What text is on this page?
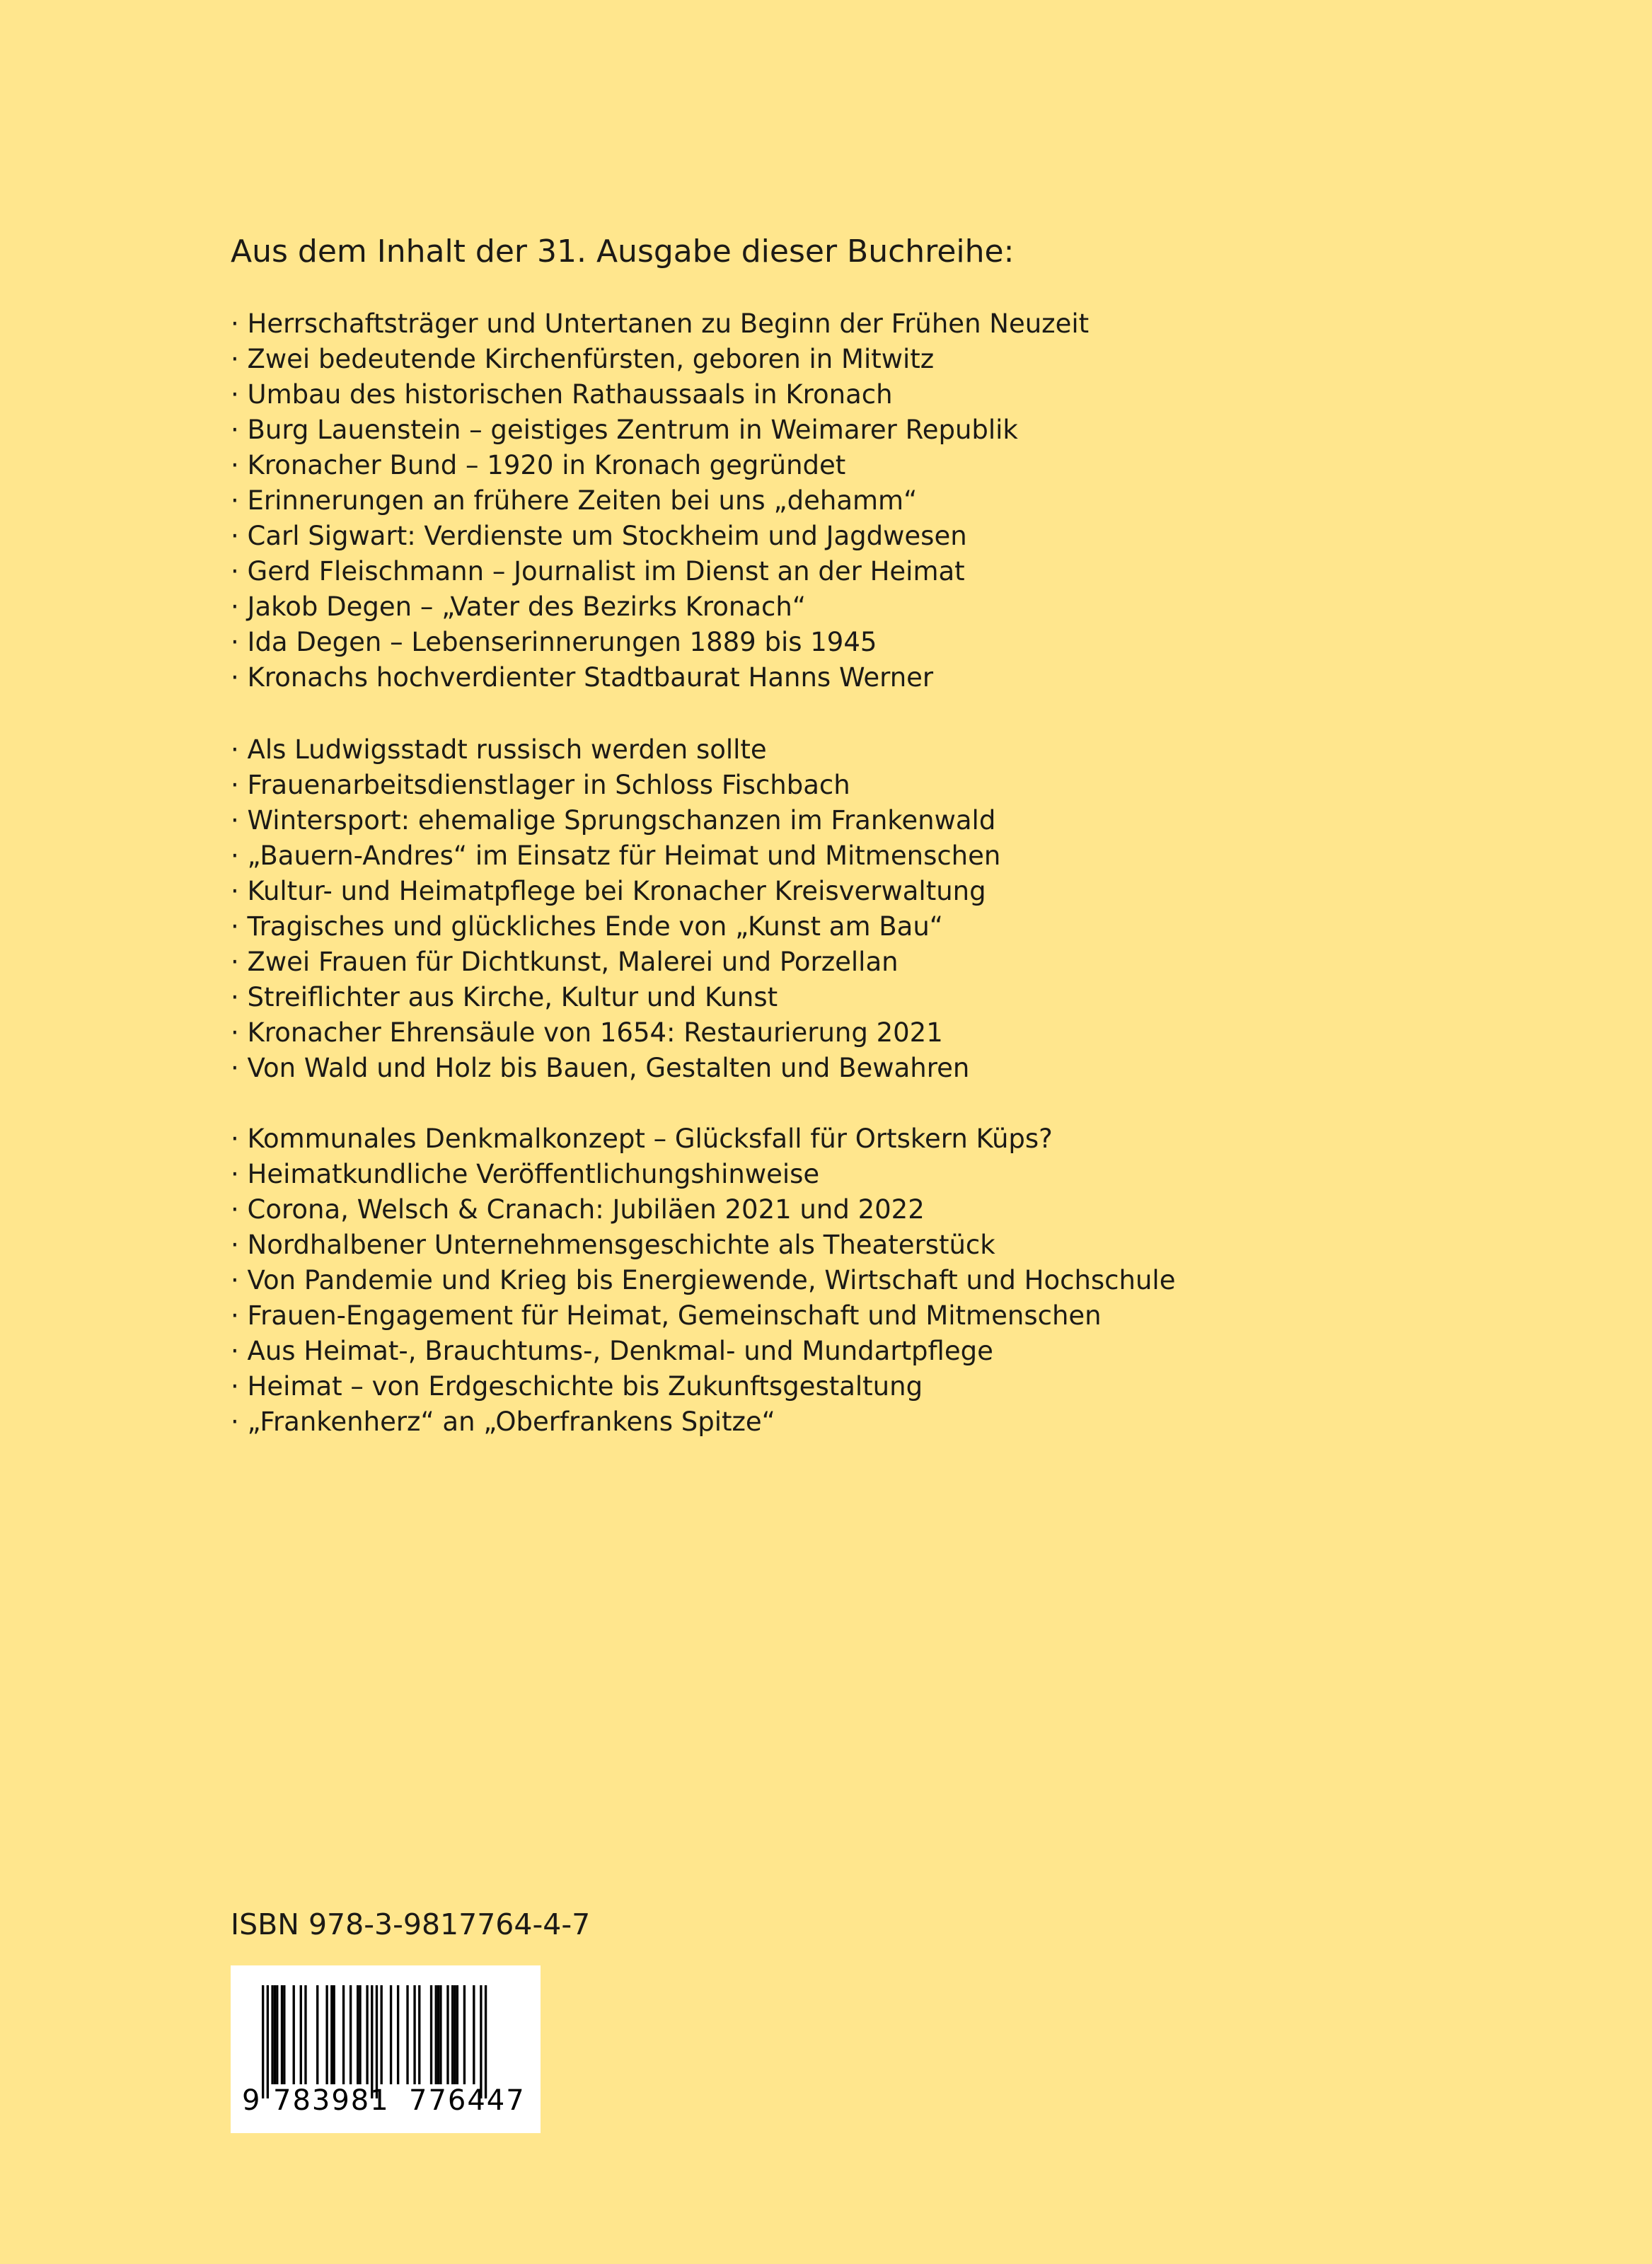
Aus dem Inhalt der 31. Ausgabe dieser Buchreihe:
· Herrschaftsträger und Untertanen zu Beginn der Frühen Neuzeit
· Zwei bedeutende Kirchenfürsten, geboren in Mitwitz
· Umbau des historischen Rathaussaals in Kronach
· Burg Lauenstein – geistiges Zentrum in Weimarer Republik
· Kronacher Bund – 1920 in Kronach gegründet
· Erinnerungen an frühere Zeiten bei uns „dehamm“
· Carl Sigwart: Verdienste um Stockheim und Jagdwesen
· Gerd Fleischmann – Journalist im Dienst an der Heimat
· Jakob Degen – „Vater des Bezirks Kronach“
· Ida Degen – Lebenserinnerungen 1889 bis 1945
· Kronachs hochverdienter Stadtbaurat Hanns Werner
· Als Ludwigsstadt russisch werden sollte
· Frauenarbeitsdienstlager in Schloss Fischbach
· Wintersport: ehemalige Sprungschanzen im Frankenwald
· „Bauern-Andres“ im Einsatz für Heimat und Mitmenschen
· Kultur- und Heimatpflege bei Kronacher Kreisverwaltung
· Tragisches und glückliches Ende von „Kunst am Bau“
· Zwei Frauen für Dichtkunst, Malerei und Porzellan
· Streiflichter aus Kirche, Kultur und Kunst
· Kronacher Ehrensäule von 1654: Restaurierung 2021
· Von Wald und Holz bis Bauen, Gestalten und Bewahren
· Kommunales Denkmalkonzept – Glücksfall für Ortskern Küps?
· Heimatkundliche Veröffentlichungshinweise
· Corona, Welsch & Cranach: Jubiläen 2021 und 2022
· Nordhalbener Unternehmensgeschichte als Theaterstück
· Von Pandemie und Krieg bis Energiewende, Wirtschaft und Hochschule
· Frauen-Engagement für Heimat, Gemeinschaft und Mitmenschen
· Aus Heimat-, Brauchtums-, Denkmal- und Mundartpflege
· Heimat – von Erdgeschichte bis Zukunftsgestaltung
· „Frankenherz“ an „Oberfrankens Spitze“
ISBN 978-3-9817764-4-7
9 783981 776447
